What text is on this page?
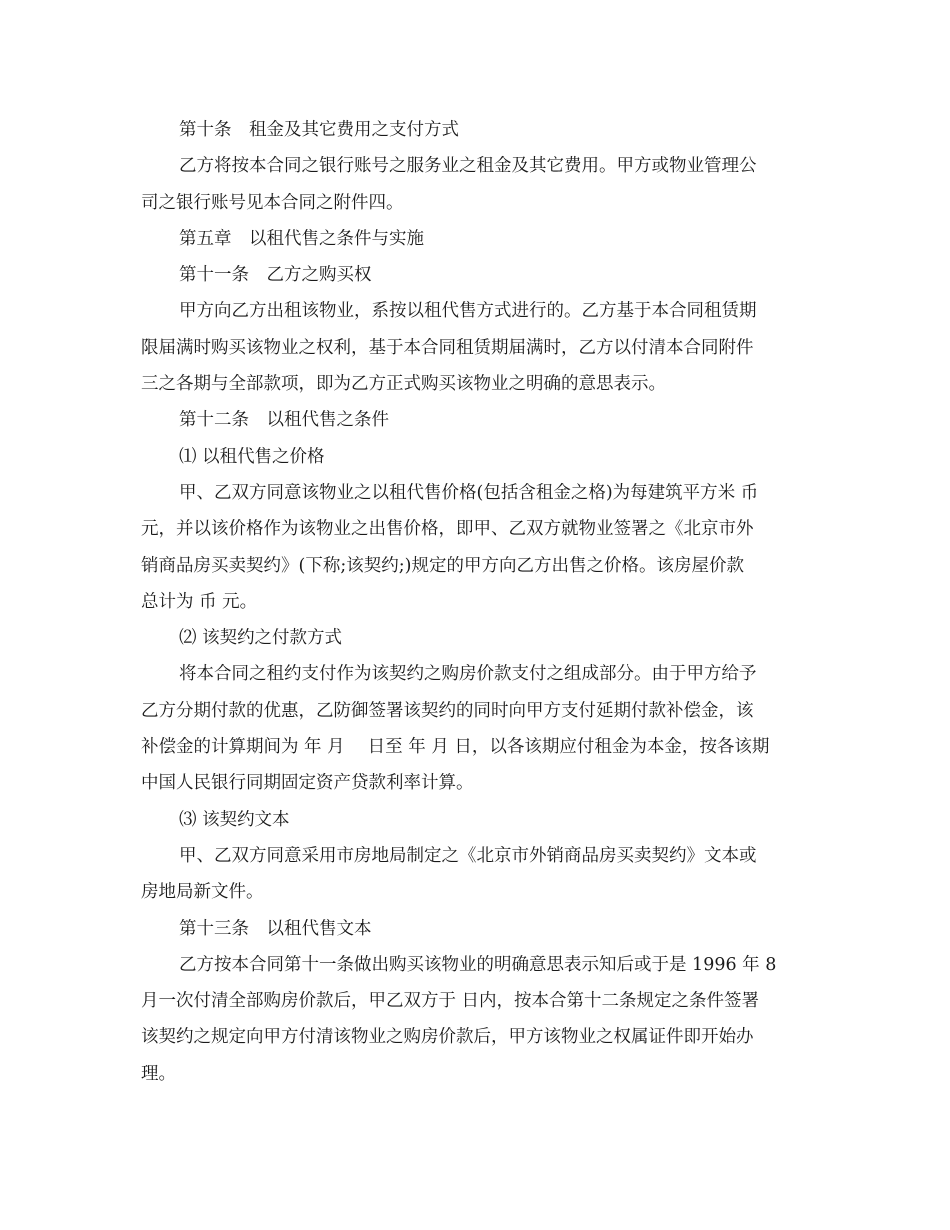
第十条　租金及其它费用之支付方式
乙方将按本合同之银行账号之服务业之租金及其它费用。甲方或物业管理公
司之银行账号见本合同之附件四。
第五章　以租代售之条件与实施
第十一条　乙方之购买权
甲方向乙方出租该物业，系按以租代售方式进行的。乙方基于本合同租赁期
限届满时购买该物业之权利，基于本合同租赁期届满时，乙方以付清本合同附件
三之各期与全部款项，即为乙方正式购买该物业之明确的意思表示。
第十二条　以租代售之条件
⑴ 以租代售之价格
甲、乙双方同意该物业之以租代售价格(包括含租金之格)为每建筑平方米 币
元，并以该价格作为该物业之出售价格，即甲、乙双方就物业签署之《北京市外
销商品房买卖契约》(下称;该契约;)规定的甲方向乙方出售之价格。该房屋价款
总计为 币 元。
⑵ 该契约之付款方式
将本合同之租约支付作为该契约之购房价款支付之组成部分。由于甲方给予
乙方分期付款的优惠，乙防御签署该契约的同时向甲方支付延期付款补偿金，该
补偿金的计算期间为 年 月　 日至 年 月 日，以各该期应付租金为本金，按各该期
中国人民银行同期固定资产贷款利率计算。
⑶ 该契约文本
甲、乙双方同意采用市房地局制定之《北京市外销商品房买卖契约》文本或
房地局新文件。
第十三条　以租代售文本
乙方按本合同第十一条做出购买该物业的明确意思表示知后或于是 1996 年 8
月一次付清全部购房价款后，甲乙双方于 日内，按本合第十二条规定之条件签署
该契约之规定向甲方付清该物业之购房价款后，甲方该物业之权属证件即开始办
理。
